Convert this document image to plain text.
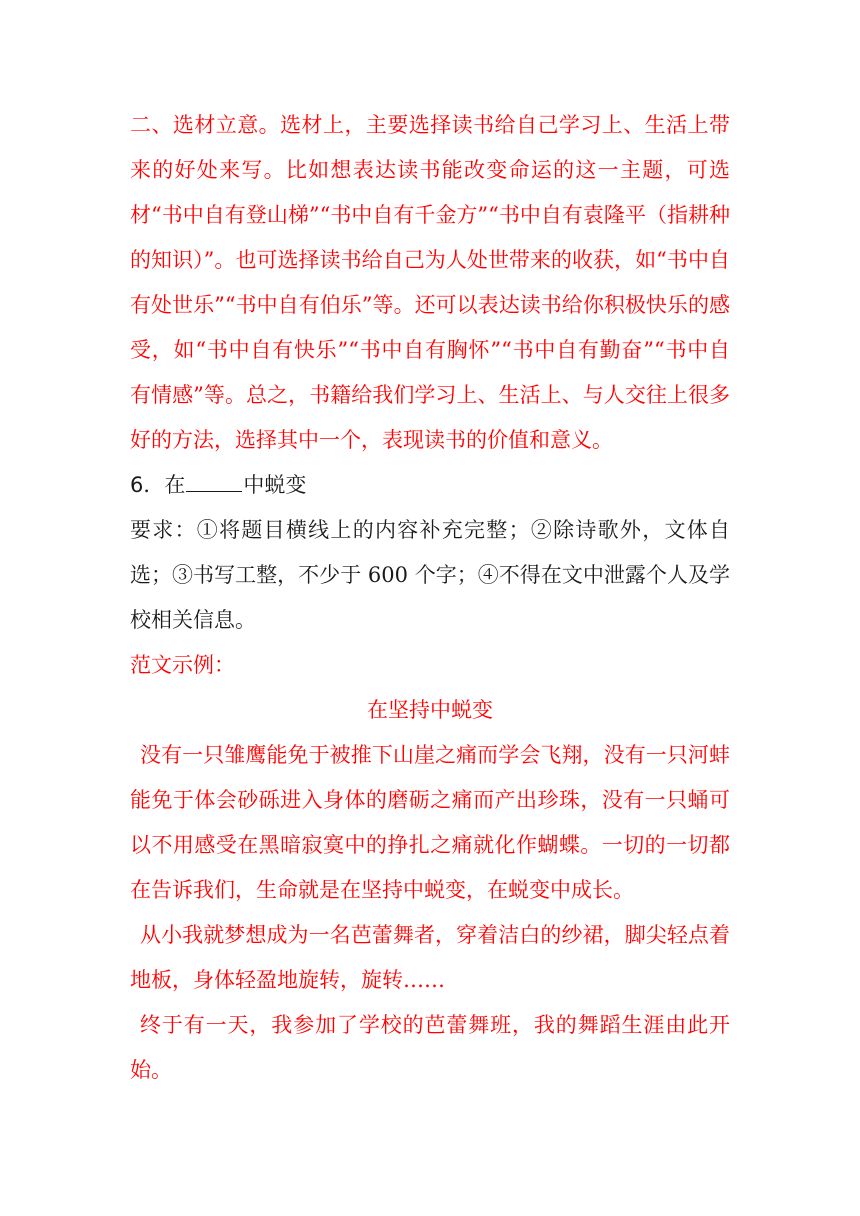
二、选材立意。选材上，主要选择读书给自己学习上、生活上带来的好处来写。比如想表达读书能改变命运的这一主题，可选材“书中自有登山梯”“书中自有千金方”“书中自有袁隆平（指耕种的知识）”。也可选择读书给自己为人处世带来的收获，如“书中自有处世乐”“书中自有伯乐”等。还可以表达读书给你积极快乐的感受，如“书中自有快乐”“书中自有胸怀”“书中自有勤奋”“书中自有情感”等。总之，书籍给我们学习上、生活上、与人交往上很多好的方法，选择其中一个，表现读书的价值和意义。

6．在	中蜕变

要求：①将题目横线上的内容补充完整；②除诗歌外，文体自选；③书写工整，不少于 600 个字；④不得在文中泄露个人及学校相关信息。

范文示例：

在坚持中蜕变

没有一只雏鹰能免于被推下山崖之痛而学会飞翔，没有一只河蚌能免于体会砂砾进入身体的磨砺之痛而产出珍珠，没有一只蛹可以不用感受在黑暗寂寞中的挣扎之痛就化作蝴蝶。一切的一切都在告诉我们，生命就是在坚持中蜕变，在蜕变中成长。

从小我就梦想成为一名芭蕾舞者，穿着洁白的纱裙，脚尖轻点着地板，身体轻盈地旋转，旋转……

终于有一天，我参加了学校的芭蕾舞班，我的舞蹈生涯由此开始。
